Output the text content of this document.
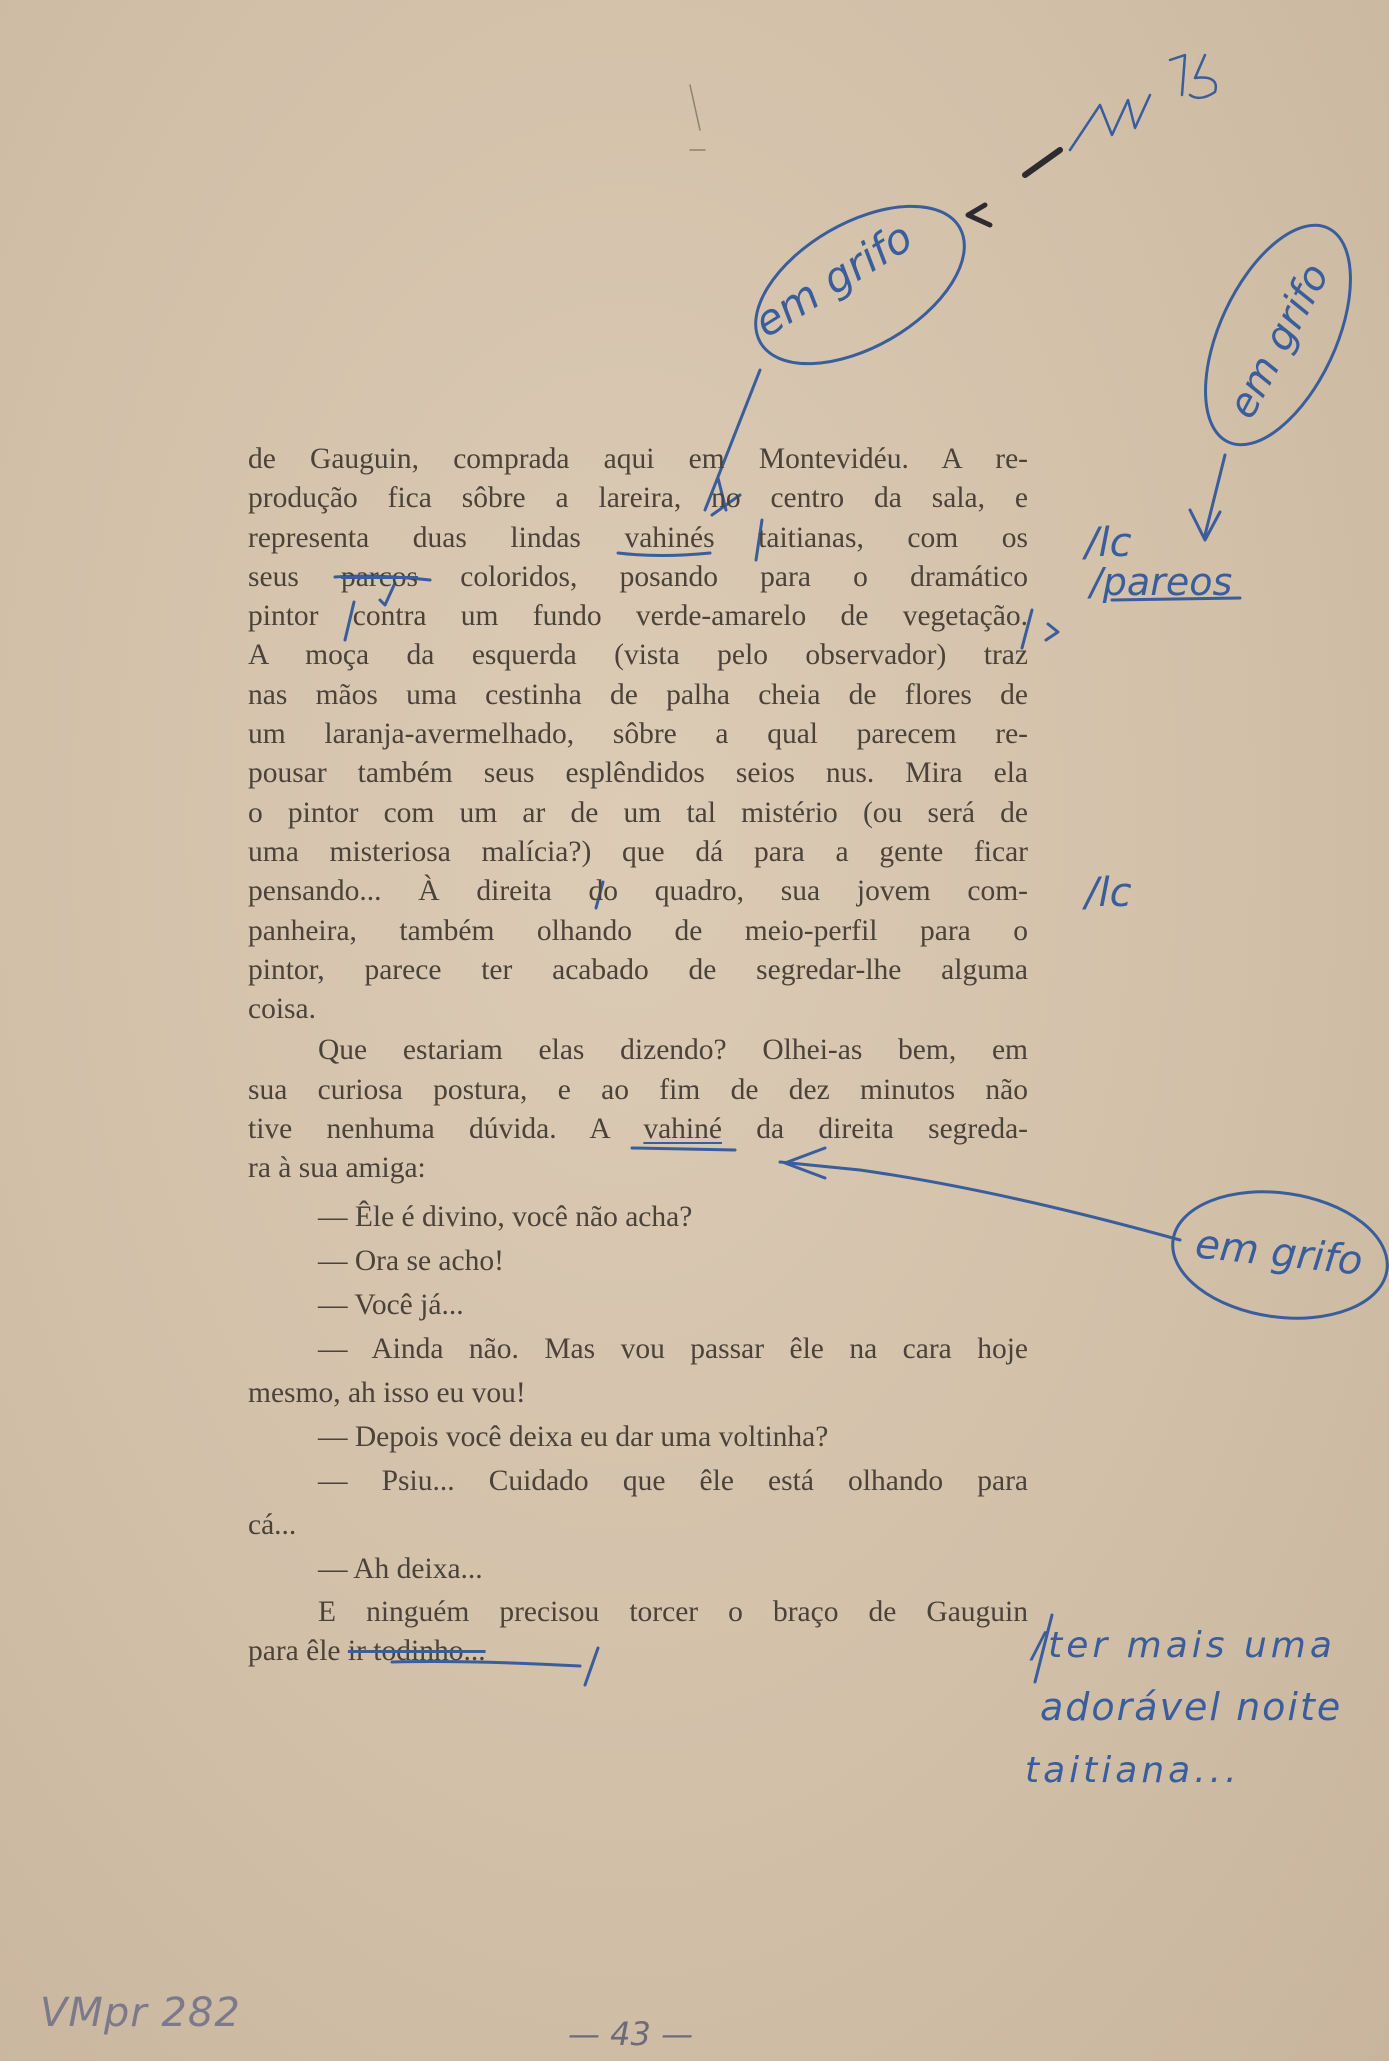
em grifo	em grifo
em grifo
/lc
/pareos
/lc
/ter mais uma
adorável noite
taitiana...

de Gauguin, comprada aqui em Montevidéu. A re-
produção fica sôbre a lareira, no centro da sala, e
representa duas lindas vahinés taitianas, com os
seus parcos coloridos, posando para o dramático
pintor contra um fundo verde-amarelo de vegetação.
A moça da esquerda (vista pelo observador) traz
nas mãos uma cestinha de palha cheia de flores de
um laranja-avermelhado, sôbre a qual parecem re-
pousar também seus esplêndidos seios nus. Mira ela
o pintor com um ar de um tal mistério (ou será de
uma misteriosa malícia?) que dá para a gente ficar
pensando... À direita do quadro, sua jovem com-
panheira, também olhando de meio-perfil para o
pintor, parece ter acabado de segredar-lhe alguma
coisa.

Que estariam elas dizendo? Olhei-as bem, em
sua curiosa postura, e ao fim de dez minutos não
tive nenhuma dúvida. A vahiné da direita segreda-
ra à sua amiga:

— Êle é divino, você não acha?
— Ora se acho!
— Você já...
— Ainda não. Mas vou passar êle na cara hoje
mesmo, ah isso eu vou!
— Depois você deixa eu dar uma voltinha?
— Psiu... Cuidado que êle está olhando para
cá...
— Ah deixa...

E ninguém precisou torcer o braço de Gauguin
para êle ir todinho...

— 43 —
VMpr 282
